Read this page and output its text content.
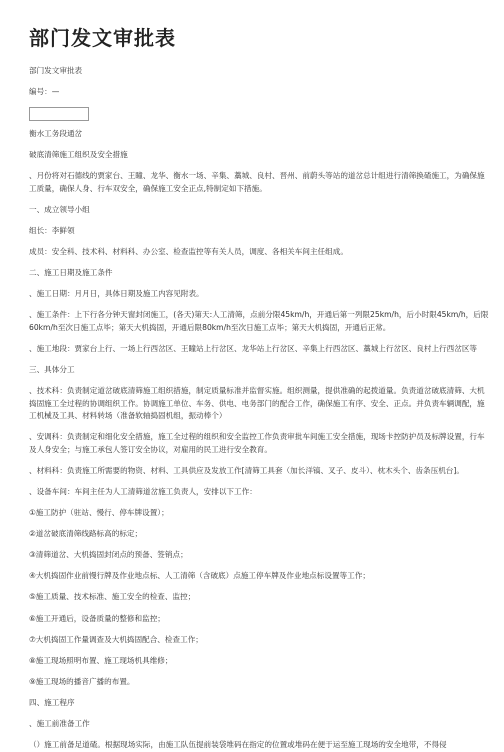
部门发文审批表

部门发文审批表

编号：—

衡水工务段通岔

破底清筛施工组织及安全措施

、月份将对石德线的贾家台、王瞳、龙华、衡水一场、辛集、藁城、良村、晋州、前蔚头等站的道岔总计组进行清筛换碴施工，为确保施工质量，确保人身、行车双安全，确保施工安全正点,特制定如下措施。

一、成立领导小组

组长：李鲜领

成员：安全科、技术科、材料科、办公室、检查监控等有关人员，调度、各相关车间主任组成。

二、施工日期及施工条件

、施工日期：月月日，具体日期及施工内容见附表。

、施工条件：上下行各分钟天窗封闭施工，(各天)第天:人工清筛，点前分限45km/h，开通后第一列限25km/h，后小时限45km/h，后限60km/h至次日施工点毕；第天大机捣固，开通后限80km/h至次日施工点毕；第天大机捣固，开通后正常。

、施工地段：贾家台上行、一场上行西岔区、王瞳站上行岔区、龙华站上行岔区、辛集上行西岔区、藁城上行岔区、良村上行西岔区等

三、具体分工

、技术科：负责制定道岔破底清筛施工组织措施，制定质量标准并监督实施。组织测量，提供准确的起拨道量。负责道岔破底清筛、大机捣固施工全过程的协调组织工作。协调施工单位、车务、供电、电务部门的配合工作，确保施工有序、安全、正点。并负责车辆调配，施工机械及工具、材料转场（准备软轴捣固机组，振动棒个）

、安调科：负责制定和细化安全措施，施工全过程的组织和安全监控工作负责审批车间施工安全措施，现场卡控防护员及标牌设置，行车及人身安全；与施工承包人签订安全协议，对雇用的民工进行安全教育。

、材料科：负责施工所需要的物资、材料、工具供应及发放工作[清筛工具套（加长洋镐、叉子、皮斗）、枕木头个、齿条压机台]。

、设备车间：车间主任为人工清筛道岔施工负责人，安排以下工作：

①施工防护（驻站、慢行、停车牌设置）；

②道岔破底清筛线路标高的标定；

③清筛道岔、大机捣固封闭点的预备、签销点；

④大机捣固作业前慢行牌及作业地点标、人工清筛（含破底）点施工停车牌及作业地点标设置等工作；

⑤施工质量、技术标准、施工安全的检查、监控；

⑥施工开通后，设备质量的整修和监控；

⑦大机捣固工作量调查及大机捣固配合、检查工作；

⑧施工现场照明布置、施工现场机具维修；

⑨施工现场的播音广播的布置。

四、施工程序

、施工前准备工作

（）施工前备足道碴。根据现场实际，由施工队伍提前装袋堆码在指定的位置或堆码在便于运至施工现场的安全地带，不得侵
